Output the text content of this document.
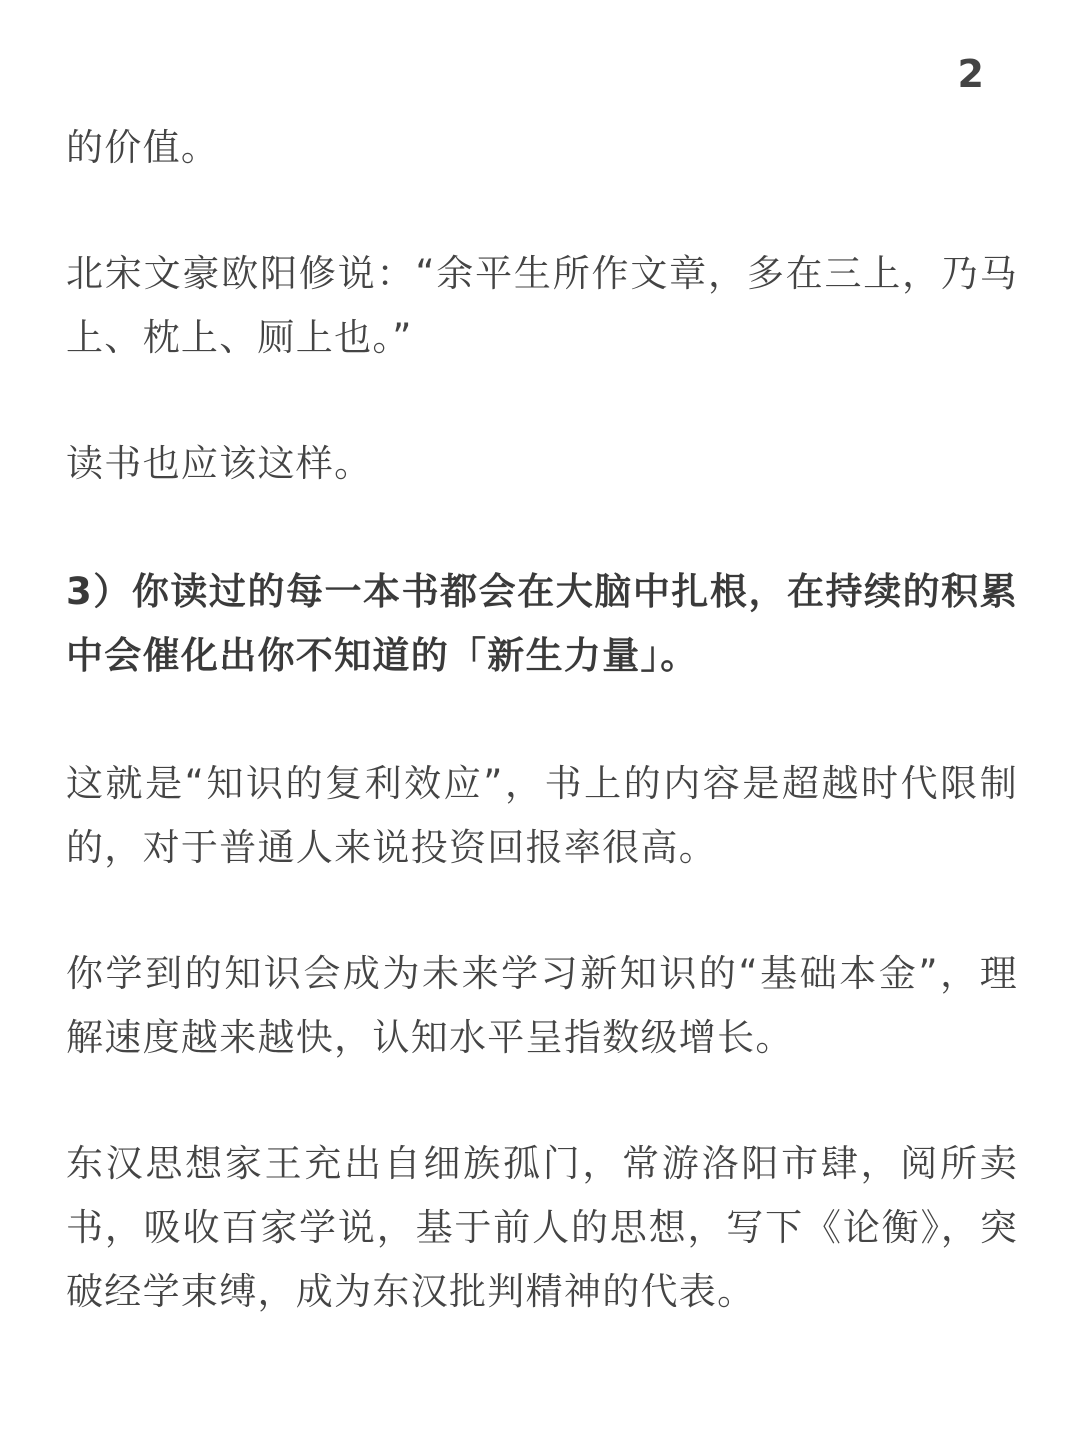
2

的价值。

北宋文豪欧阳修说：“余平生所作文章，多在三上，乃马上、枕上、厕上也。”

读书也应该这样。

3）你读过的每一本书都会在大脑中扎根，在持续的积累中会催化出你不知道的「新生力量」。

这就是“知识的复利效应”，书上的内容是超越时代限制的，对于普通人来说投资回报率很高。

你学到的知识会成为未来学习新知识的“基础本金”，理解速度越来越快，认知水平呈指数级增长。

东汉思想家王充出自细族孤门，常游洛阳市肆，阅所卖书，吸收百家学说，基于前人的思想，写下《论衡》，突破经学束缚，成为东汉批判精神的代表。
